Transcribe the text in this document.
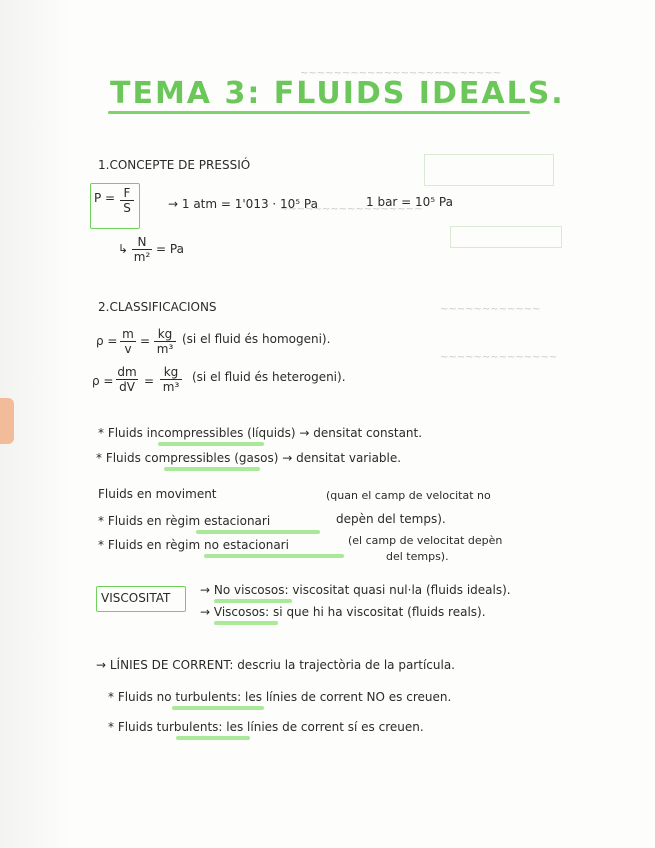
~~~~~~~~~~~~~~~~~~~~~~~~
~~~~~~~~~~~~~~~~~
~~~~~~~~~~~~
~~~~~~~~~~~~~~
TEMA 3: FLUIDS IDEALS.
1.CONCEPTE DE PRESSIÓ
P = F
S	→ 1 atm = 1'013 · 10⁵ Pa	1 bar = 10⁵ Pa
↳ N
m²
= Pa
2.CLASSIFICACIONS
ρ = m
v
= kg
m³
(si el fluid és homogeni).
ρ =
dm
dV =
kg
m³
(si el fluid és heterogeni).
* Fluids incompressibles (líquids) → densitat constant.
* Fluids compressibles (gasos) → densitat variable.
Fluids en moviment	(quan el camp de velocitat no
* Fluids en règim estacionari	depèn del temps).
* Fluids en règim no estacionari	(el camp de velocitat depèn
del temps).
VISCOSITAT
→ No viscosos: viscositat quasi nul·la (fluids ideals).
→ Viscosos: si que hi ha viscositat (fluids reals).
→ LÍNIES DE CORRENT: descriu la trajectòria de la partícula.
* Fluids no turbulents: les línies de corrent NO es creuen.
* Fluids turbulents: les línies de corrent sí es creuen.
